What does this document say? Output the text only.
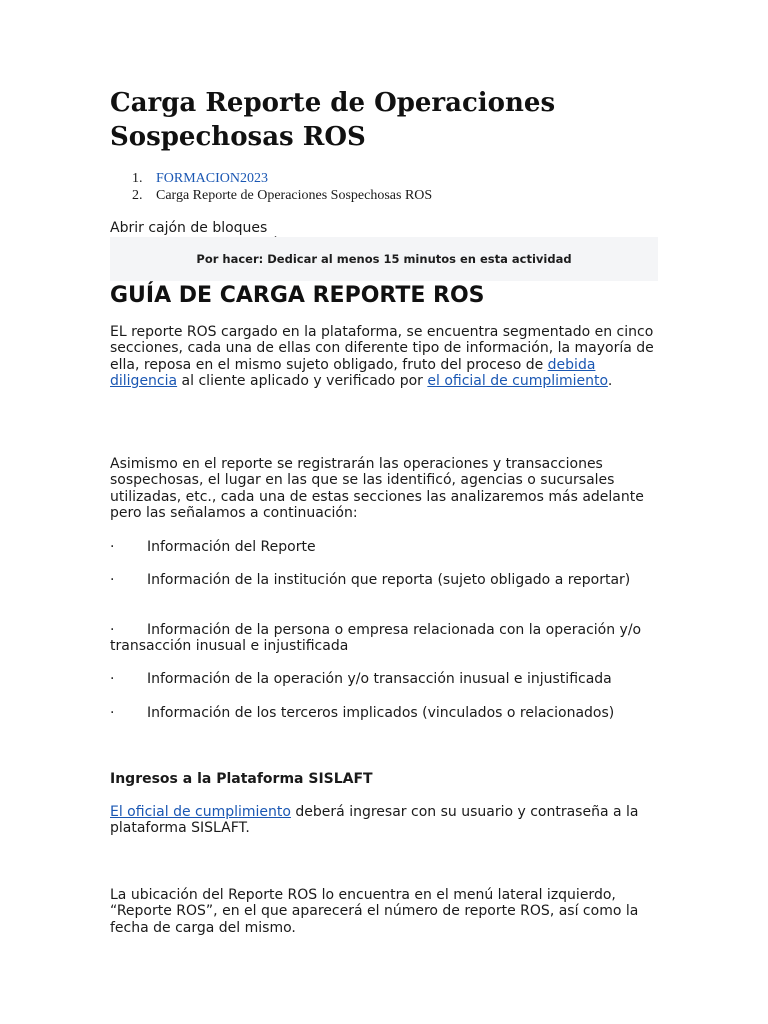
Carga Reporte de Operaciones Sospechosas ROS
1. FORMACION2023
2. Carga Reporte de Operaciones Sospechosas ROS
Abrir cajón de bloques
Por hacer: Dedicar al menos 15 minutos en esta actividad
GUÍA DE CARGA REPORTE ROS

EL reporte ROS cargado en la plataforma, se encuentra segmentado en cinco secciones, cada una de ellas con diferente tipo de información, la mayoría de ella, reposa en el mismo sujeto obligado, fruto del proceso de debida diligencia al cliente aplicado y verificado por el oficial de cumplimiento.

Asimismo en el reporte se registrarán las operaciones y transacciones sospechosas, el lugar en las que se las identificó, agencias o sucursales utilizadas, etc., cada una de estas secciones las analizaremos más adelante pero las señalamos a continuación:

· Información del Reporte

· Información de la institución que reporta (sujeto obligado a reportar)

· Información de la persona o empresa relacionada con la operación y/o transacción inusual e injustificada

· Información de la operación y/o transacción inusual e injustificada

· Información de los terceros implicados (vinculados o relacionados)

Ingresos a la Plataforma SISLAFT

El oficial de cumplimiento deberá ingresar con su usuario y contraseña a la plataforma SISLAFT.

La ubicación del Reporte ROS lo encuentra en el menú lateral izquierdo, “Reporte ROS”, en el que aparecerá el número de reporte ROS, así como la fecha de carga del mismo.
